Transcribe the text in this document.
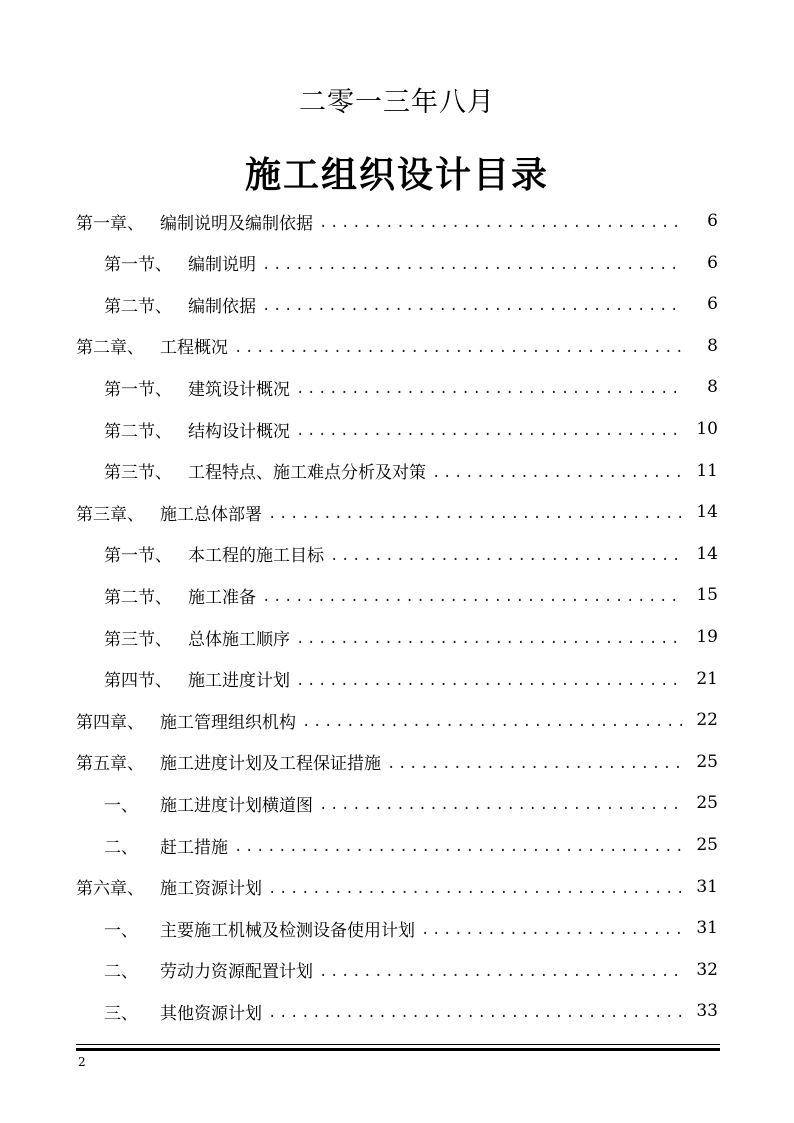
二零一三年八月
施工组织设计目录
第一章、 编制说明及编制依据 .....	6
第一节、 编制说明 .....	6
第二节、 编制依据 .....	6
第二章、 工程概况 .....	8
第一节、 建筑设计概况 .....	8
第二节、 结构设计概况 .....	10
第三节、 工程特点、施工难点分析及对策 .....	11
第三章、 施工总体部署 .....	14
第一节、 本工程的施工目标 .....	14
第二节、 施工准备 .....	15
第三节、 总体施工顺序 .....	19
第四节、 施工进度计划 .....	21
第四章、 施工管理组织机构 .....	22
第五章、 施工进度计划及工程保证措施 .....	25
一、	施工进度计划横道图 .....	25
二、	赶工措施 .....	25
第六章、 施工资源计划 .....	31
一、	主要施工机械及检测设备使用计划 .....	31
二、	劳动力资源配置计划 .....	32
三、	其他资源计划 .....	33
2
